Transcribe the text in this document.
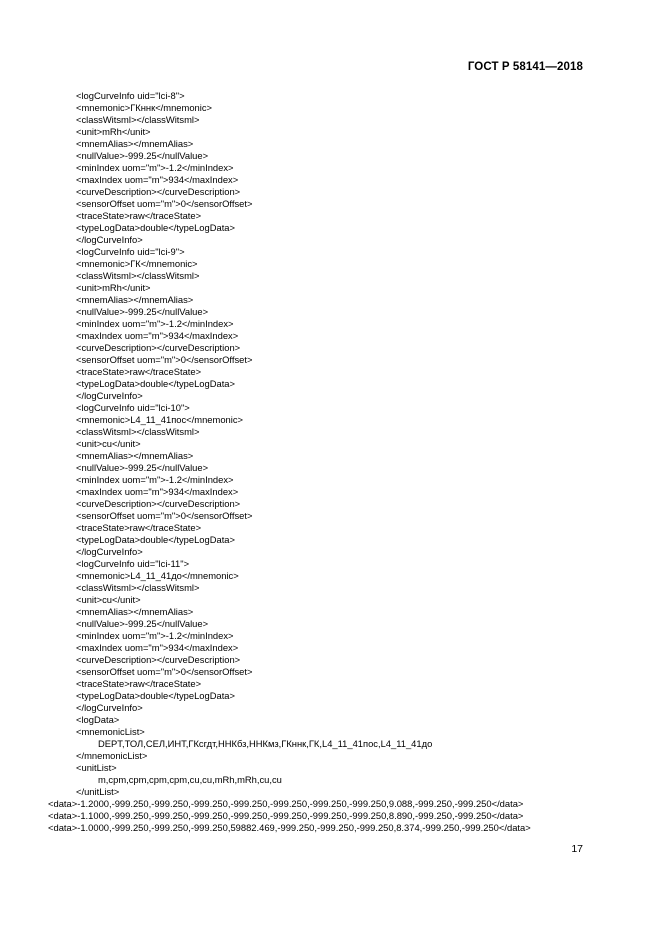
ГОСТ Р 58141—2018
<logCurveInfo uid="lci-8">
<mnemonic>ГКннк</mnemonic>
<classWitsml></classWitsml>
<unit>mRh</unit>
<mnemAlias></mnemAlias>
<nullValue>-999.25</nullValue>
<minIndex uom="m">-1.2</minIndex>
<maxIndex uom="m">934</maxIndex>
<curveDescription></curveDescription>
<sensorOffset uom="m">0</sensorOffset>
<traceState>raw</traceState>
<typeLogData>double</typeLogData>
</logCurveInfo>
<logCurveInfo uid="lci-9">
<mnemonic>ГК</mnemonic>
<classWitsml></classWitsml>
<unit>mRh</unit>
<mnemAlias></mnemAlias>
<nullValue>-999.25</nullValue>
<minIndex uom="m">-1.2</minIndex>
<maxIndex uom="m">934</maxIndex>
<curveDescription></curveDescription>
<sensorOffset uom="m">0</sensorOffset>
<traceState>raw</traceState>
<typeLogData>double</typeLogData>
</logCurveInfo>
<logCurveInfo uid="lci-10">
<mnemonic>L4_11_41пос</mnemonic>
<classWitsml></classWitsml>
<unit>cu</unit>
<mnemAlias></mnemAlias>
<nullValue>-999.25</nullValue>
<minIndex uom="m">-1.2</minIndex>
<maxIndex uom="m">934</maxIndex>
<curveDescription></curveDescription>
<sensorOffset uom="m">0</sensorOffset>
<traceState>raw</traceState>
<typeLogData>double</typeLogData>
</logCurveInfo>
<logCurveInfo uid="lci-11">
<mnemonic>L4_11_41до</mnemonic>
<classWitsml></classWitsml>
<unit>cu</unit>
<mnemAlias></mnemAlias>
<nullValue>-999.25</nullValue>
<minIndex uom="m">-1.2</minIndex>
<maxIndex uom="m">934</maxIndex>
<curveDescription></curveDescription>
<sensorOffset uom="m">0</sensorOffset>
<traceState>raw</traceState>
<typeLogData>double</typeLogData>
</logCurveInfo>
<logData>
<mnemonicList>
DEPT,ТОЛ,СЕЛ,ИНТ,ГКсгдт,ННКбз,ННКмз,ГКннк,ГК,L4_11_41пос,L4_11_41до
</mnemonicList>
<unitList>
m,cpm,cpm,cpm,cpm,cu,cu,mRh,mRh,cu,cu
</unitList>
<data>-1.2000,-999.250,-999.250,-999.250,-999.250,-999.250,-999.250,-999.250,9.088,-999.250,-999.250</data>
<data>-1.1000,-999.250,-999.250,-999.250,-999.250,-999.250,-999.250,-999.250,8.890,-999.250,-999.250</data>
<data>-1.0000,-999.250,-999.250,-999.250,59882.469,-999.250,-999.250,-999.250,8.374,-999.250,-999.250</data>
17
